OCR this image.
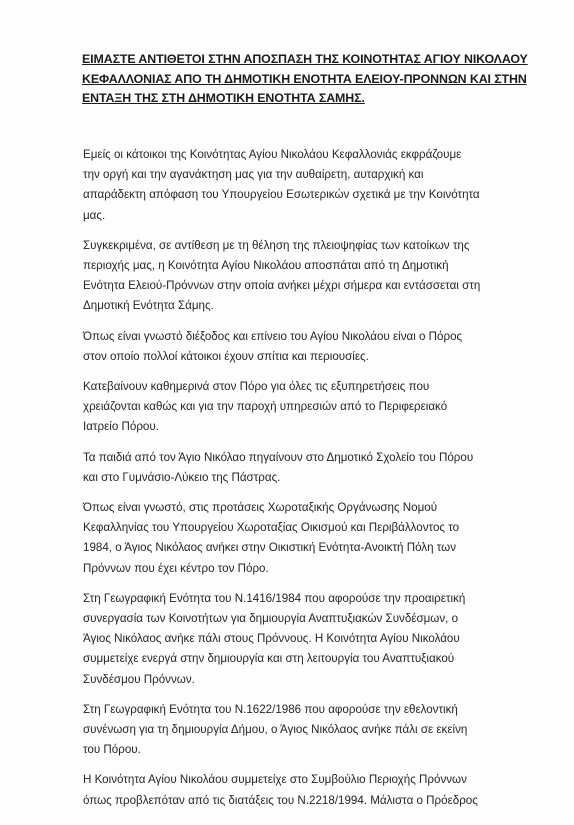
ΕΙΜΑΣΤΕ ΑΝΤΙΘΕΤΟΙ ΣΤΗΝ ΑΠΟΣΠΑΣΗ ΤΗΣ ΚΟΙΝΟΤΗΤΑΣ ΑΓΙΟΥ ΝΙΚΟΛΑΟΥ
ΚΕΦΑΛΛΟΝΙΑΣ ΑΠΟ ΤΗ ΔΗΜΟΤΙΚΗ ΕΝΟΤΗΤΑ ΕΛΕΙΟΥ-ΠΡΟΝΝΩΝ ΚΑΙ ΣΤΗΝ
ΕΝΤΑΞΗ ΤΗΣ ΣΤΗ ΔΗΜΟΤΙΚΗ ΕΝΟΤΗΤΑ ΣΑΜΗΣ.

Εμείς οι κάτοικοι της Κοινότητας Αγίου Νικολάου Κεφαλλονιάς εκφράζουμε
την οργή και την αγανάκτηση μας για την αυθαίρετη, αυταρχική και
απαράδεκτη απόφαση του Υπουργείου Εσωτερικών σχετικά με την Κοινότητα
μας.

Συγκεκριμένα, σε αντίθεση με τη θέληση της πλειοψηφίας των κατοίκων της
περιοχής μας, η Κοινότητα Αγίου Νικολάου αποσπάται από τη Δημοτική
Ενότητα Ελειού-Πρόννων στην οποία ανήκει μέχρι σήμερα και εντάσσεται στη
Δημοτική Ενότητα Σάμης.

Όπως είναι γνωστό διέξοδος και επίνειο του Αγίου Νικολάου είναι ο Πόρος
στον οποίο πολλοί κάτοικοι έχουν σπίτια και περιουσίες.

Κατεβαίνουν καθημερινά στον Πόρο για όλες τις εξυπηρετήσεις που
χρειάζονται καθώς και για την παροχή υπηρεσιών από το Περιφερειακό
Ιατρείο Πόρου.

Τα παιδιά από τον Άγιο Νικόλαο πηγαίνουν στο Δημοτικό Σχολείο του Πόρου
και στο Γυμνάσιο-Λύκειο της Πάστρας.

Όπως είναι γνωστό, στις προτάσεις Χωροταξικής Οργάνωσης Νομού
Κεφαλληνίας του Υπουργείου Χωροταξίας Οικισμού και Περιβάλλοντος το
1984, ο Άγιος Νικόλαος ανήκει στην Οικιστική Ενότητα-Ανοικτή Πόλη των
Πρόννων που έχει κέντρο τον Πόρο.

Στη Γεωγραφική Ενότητα του Ν.1416/1984 που αφορούσε την προαιρετική
συνεργασία των Κοινοτήτων για δημιουργία Αναπτυξιακών Συνδέσμων, ο
Άγιος Νικόλαος ανήκε πάλι στους Πρόννους. Η Κοινότητα Αγίου Νικολάου
συμμετείχε ενεργά στην δημιουργία και στη λειτουργία του Αναπτυξιακού
Συνδέσμου Πρόννων.

Στη Γεωγραφική Ενότητα του Ν.1622/1986 που αφορούσε την εθελοντική
συνένωση για τη δημιουργία Δήμου, ο Άγιος Νικόλαος ανήκε πάλι σε εκείνη
του Πόρου.

Η Κοινότητα Αγίου Νικολάου συμμετείχε στο Συμβούλιο Περιοχής Πρόννων
όπως προβλεπόταν από τις διατάξεις του Ν.2218/1994. Μάλιστα ο Πρόεδρος
